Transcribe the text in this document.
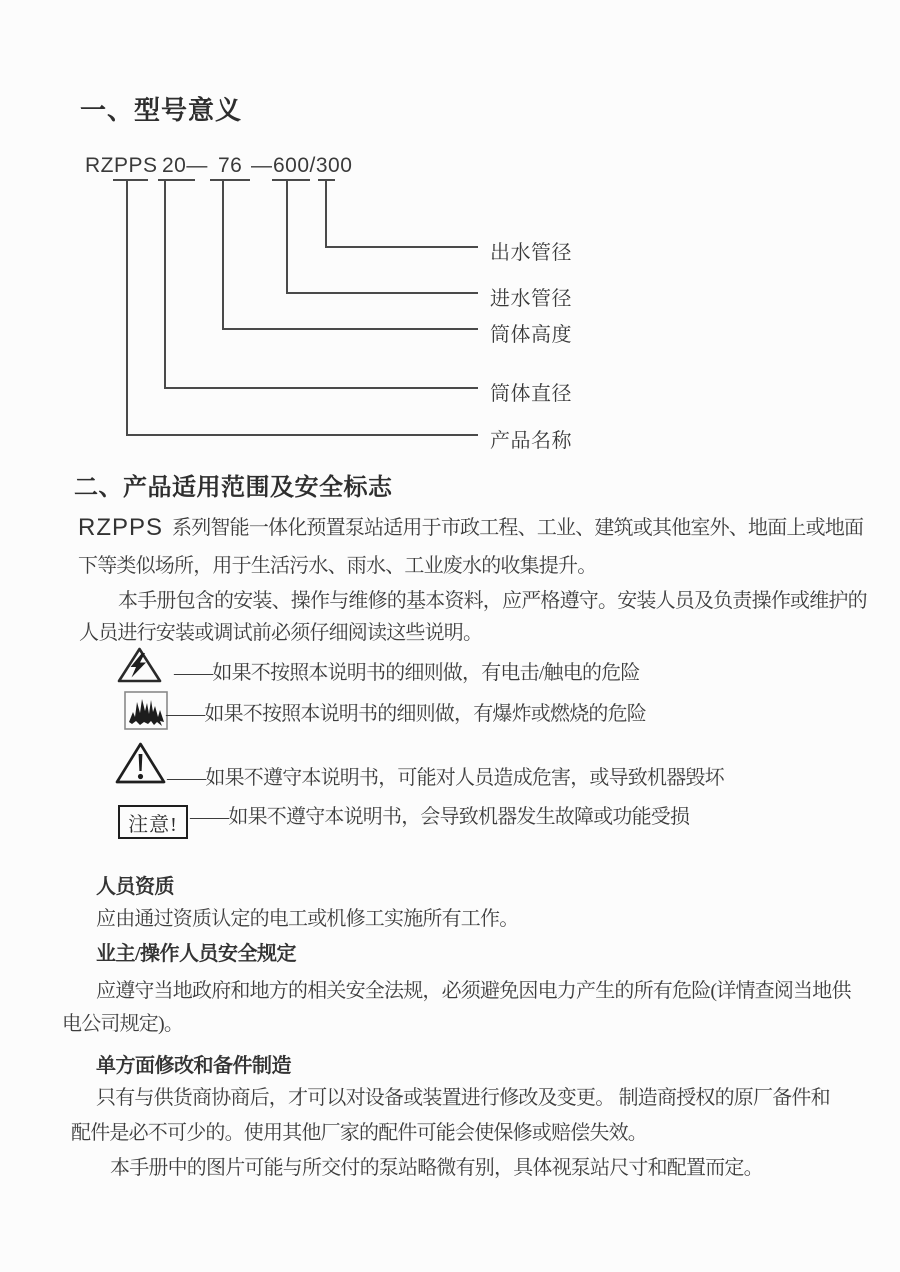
一、型号意义
RZPPS 20— 76 — 600/300
出水管径
进水管径
筒体高度
筒体直径
产品名称
二、产品适用范围及安全标志
RZPPS 系列智能一体化预置泵站适用于市政工程、工业、建筑或其他室外、地面上或地面
下等类似场所，用于生活污水、雨水、工业废水的收集提升。
本手册包含的安装、操作与维修的基本资料，应严格遵守。安装人员及负责操作或维护的
人员进行安装或调试前必须仔细阅读这些说明。
——如果不按照本说明书的细则做，有电击/触电的危险
——如果不按照本说明书的细则做，有爆炸或燃烧的危险
——如果不遵守本说明书，可能对人员造成危害，或导致机器毁坏
注意! ——如果不遵守本说明书，会导致机器发生故障或功能受损
人员资质
应由通过资质认定的电工或机修工实施所有工作。
业主/操作人员安全规定
应遵守当地政府和地方的相关安全法规，必须避免因电力产生的所有危险(详情查阅当地供
电公司规定)。
单方面修改和备件制造
只有与供货商协商后，才可以对设备或装置进行修改及变更。 制造商授权的原厂备件和
配件是必不可少的。使用其他厂家的配件可能会使保修或赔偿失效。
本手册中的图片可能与所交付的泵站略微有别，具体视泵站尺寸和配置而定。
